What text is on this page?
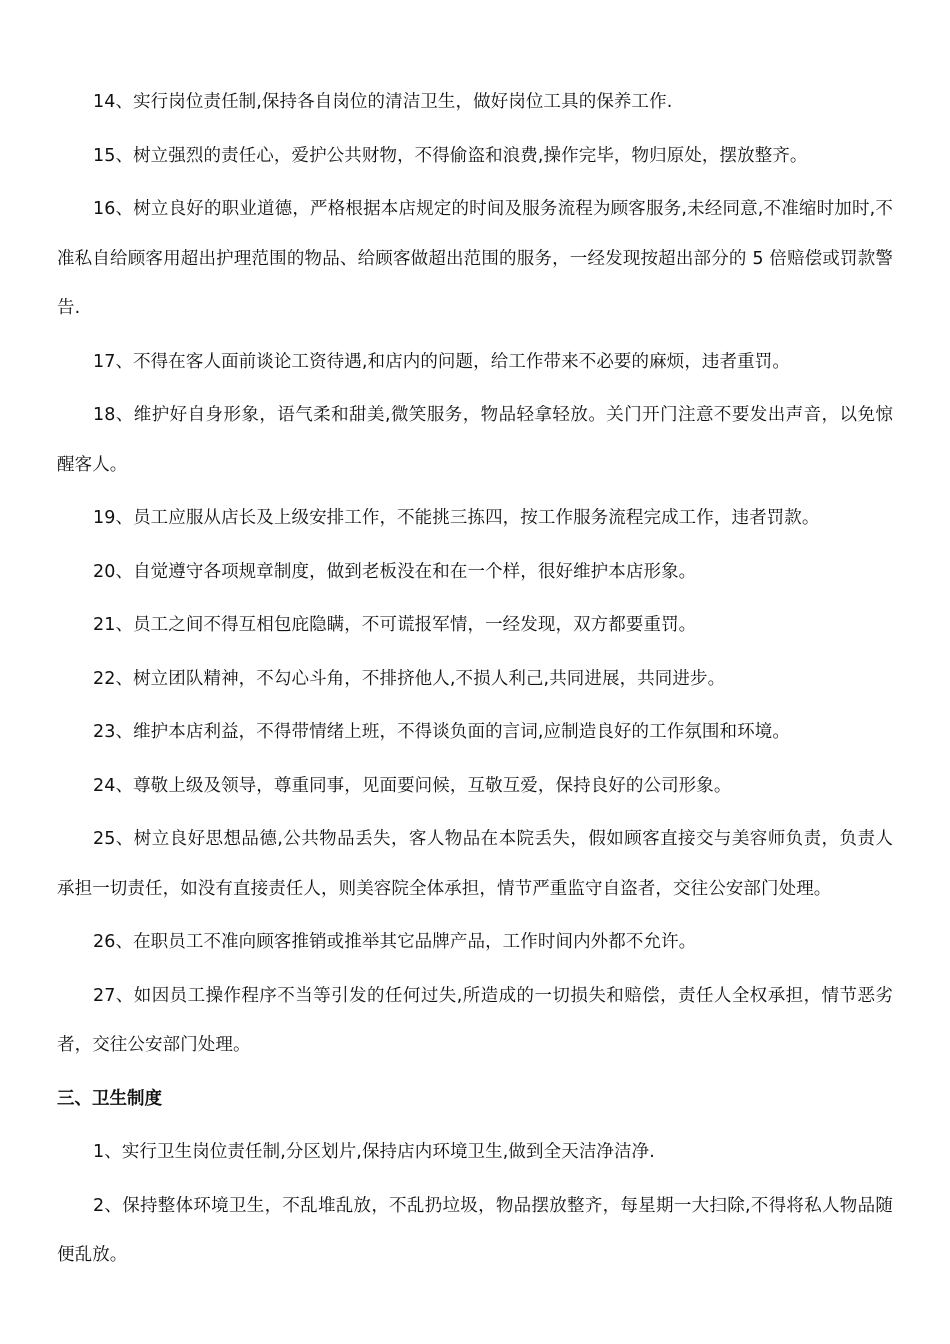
14、实行岗位责任制,保持各自岗位的清洁卫生，做好岗位工具的保养工作.

15、树立强烈的责任心，爱护公共财物，不得偷盗和浪费,操作完毕，物归原处，摆放整齐。

16、树立良好的职业道德，严格根据本店规定的时间及服务流程为顾客服务,未经同意,不准缩时加时,不准私自给顾客用超出护理范围的物品、给顾客做超出范围的服务，一经发现按超出部分的 5 倍赔偿或罚款警告.

17、不得在客人面前谈论工资待遇,和店内的问题，给工作带来不必要的麻烦，违者重罚。

18、维护好自身形象，语气柔和甜美,微笑服务，物品轻拿轻放。关门开门注意不要发出声音，以免惊醒客人。

19、员工应服从店长及上级安排工作，不能挑三拣四，按工作服务流程完成工作，违者罚款。

20、自觉遵守各项规章制度，做到老板没在和在一个样，很好维护本店形象。

21、员工之间不得互相包庇隐瞒，不可谎报军情，一经发现，双方都要重罚。

22、树立团队精神，不勾心斗角，不排挤他人,不损人利己,共同进展，共同进步。

23、维护本店利益，不得带情绪上班，不得谈负面的言词,应制造良好的工作氛围和环境。

24、尊敬上级及领导，尊重同事，见面要问候，互敬互爱，保持良好的公司形象。

25、树立良好思想品德,公共物品丢失，客人物品在本院丢失，假如顾客直接交与美容师负责，负责人承担一切责任，如没有直接责任人，则美容院全体承担，情节严重监守自盗者，交往公安部门处理。

26、在职员工不准向顾客推销或推举其它品牌产品，工作时间内外都不允许。

27、如因员工操作程序不当等引发的任何过失,所造成的一切损失和赔偿，责任人全权承担，情节恶劣者，交往公安部门处理。

三、卫生制度

1、实行卫生岗位责任制,分区划片,保持店内环境卫生,做到全天洁净洁净.

2、保持整体环境卫生，不乱堆乱放，不乱扔垃圾，物品摆放整齐，每星期一大扫除,不得将私人物品随便乱放。
